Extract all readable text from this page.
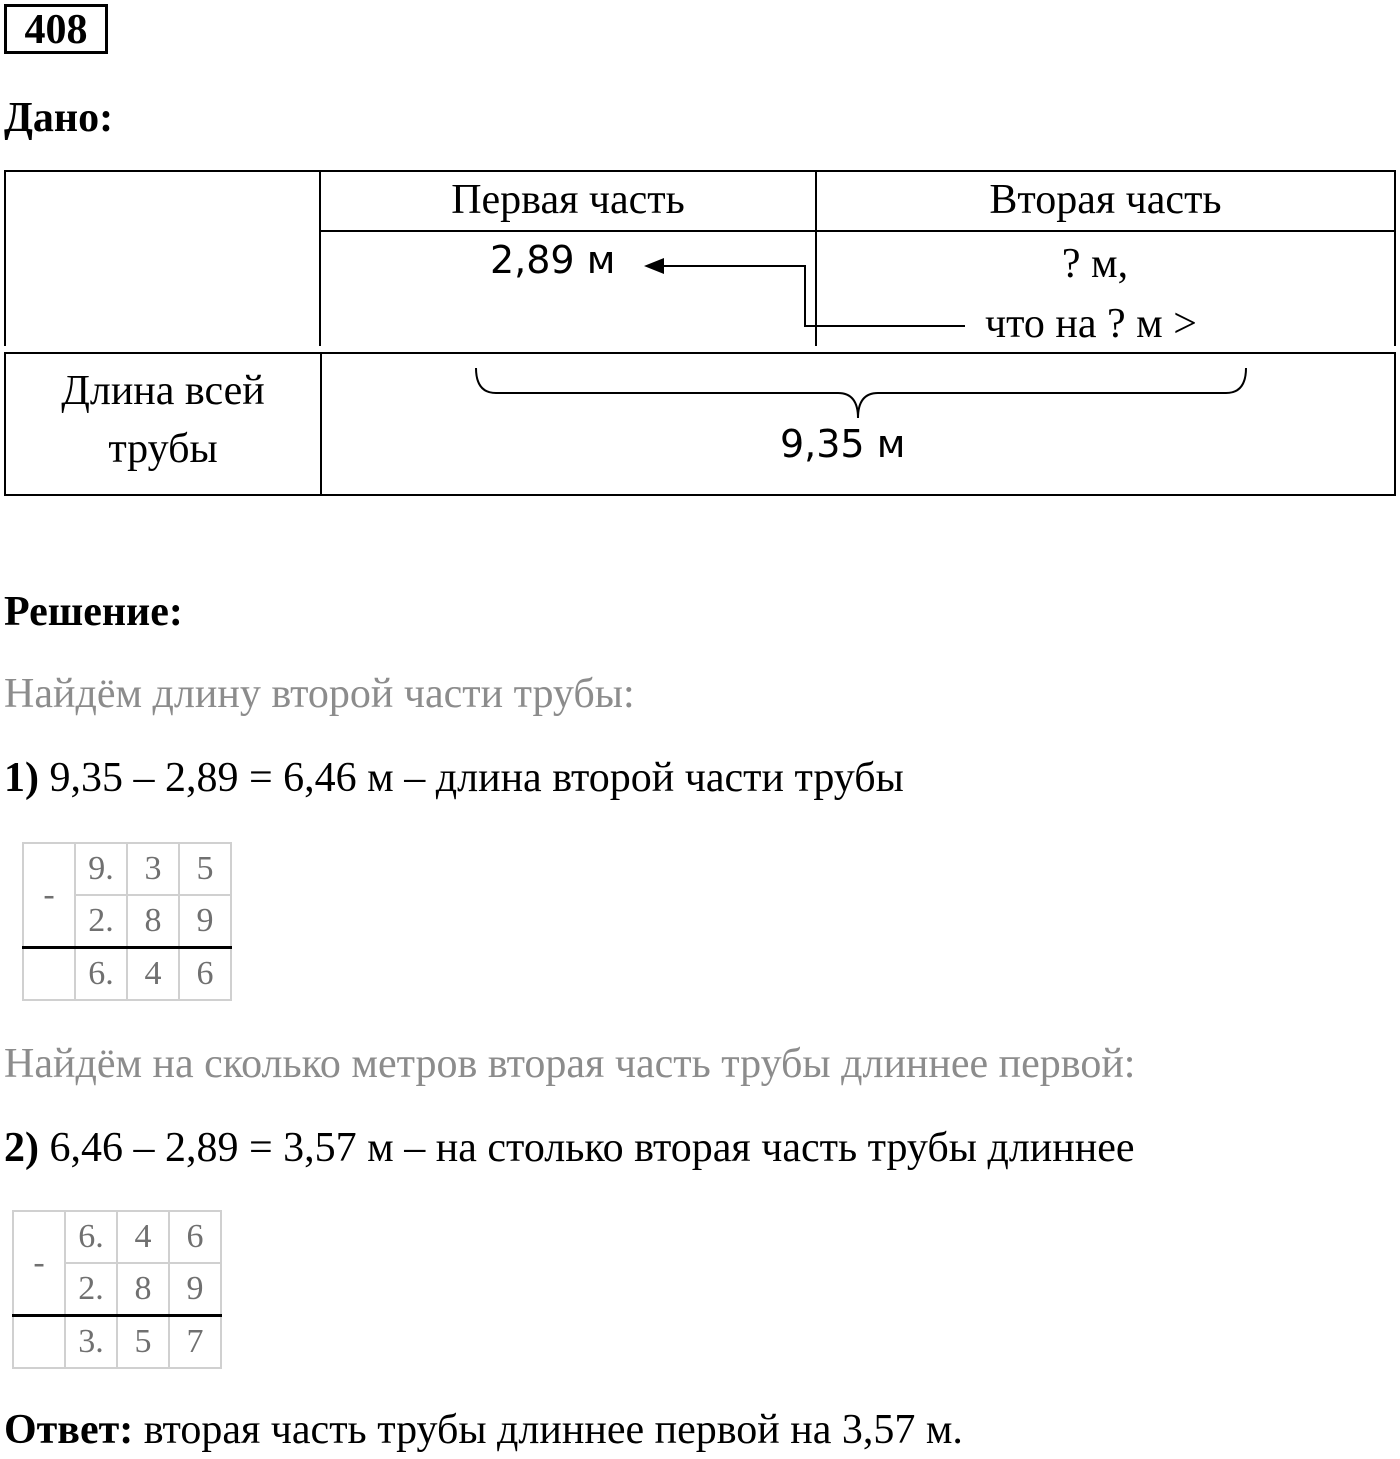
408
Дано:
Первая часть	Вторая часть
2,89 м	? м,
что на ? м >
Длина всей
трубы	9,35 м
Решение:
Найдём длину второй части трубы:
1) 9,35 – 2,89 = 6,46 м – длина второй части трубы
-	9.	3	5
	2.	8	9
	6.	4	6
Найдём на сколько метров вторая часть трубы длиннее первой:
2) 6,46 – 2,89 = 3,57 м – на столько вторая часть трубы длиннее
-	6.	4	6
	2.	8	9
	3.	5	7
Ответ: вторая часть трубы длиннее первой на 3,57 м.
